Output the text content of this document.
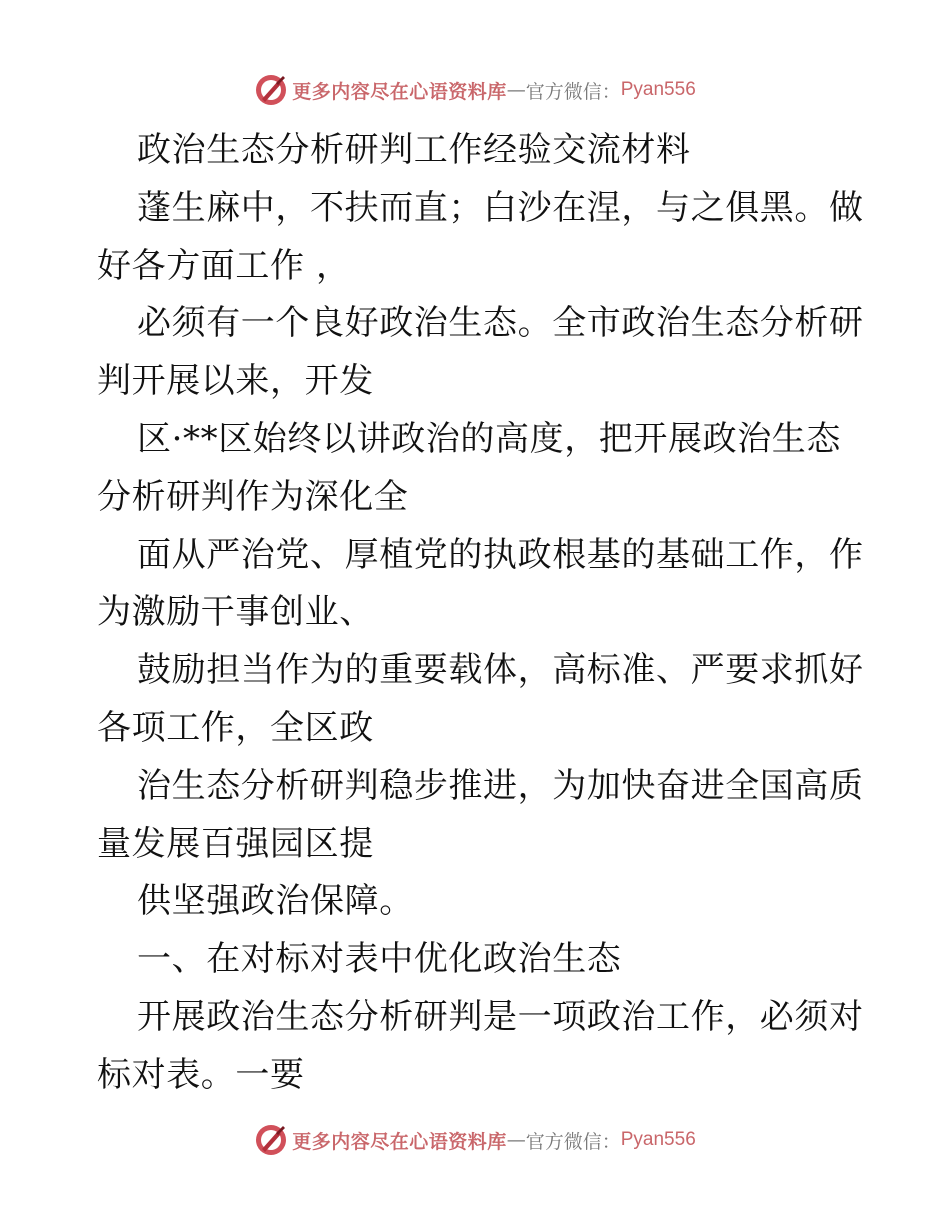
更多内容尽在心语资料库 — 官方微信： Pyan556
政治生态分析研判工作经验交流材料
蓬生麻中，不扶而直；白沙在涅，与之俱黑。做
好各方面工作 ，
必须有一个良好政治生态。全市政治生态分析研
判开展以来，开发
区·**区始终以讲政治的高度，把开展政治生态
分析研判作为深化全
面从严治党、厚植党的执政根基的基础工作，作
为激励干事创业、
鼓励担当作为的重要载体，高标准、严要求抓好
各项工作，全区政
治生态分析研判稳步推进，为加快奋进全国高质
量发展百强园区提
供坚强政治保障。
一、在对标对表中优化政治生态
开展政治生态分析研判是一项政治工作，必须对
标对表。一要
更多内容尽在心语资料库 — 官方微信： Pyan556
